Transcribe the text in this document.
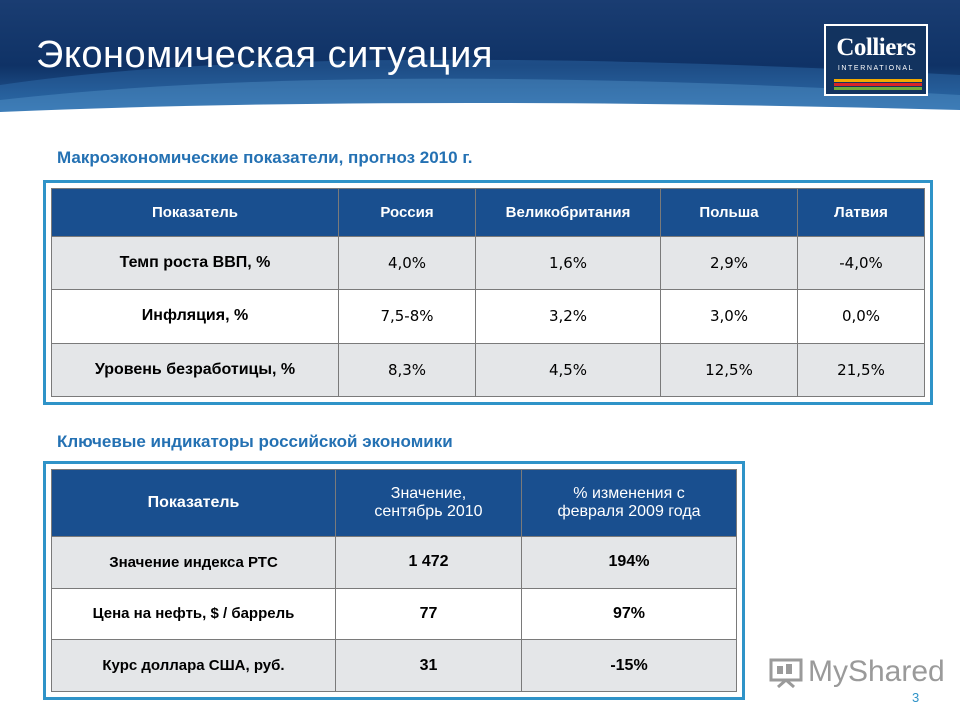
Экономическая ситуация	Colliers
INTERNATIONAL
Макроэкономические показатели, прогноз 2010 г.
Показатель	Россия	Великобритания	Польша	Латвия
Темп роста ВВП, %	4,0%	1,6%	2,9%	-4,0%
Инфляция, %	7,5-8%	3,2%	3,0%	0,0%
Уровень безработицы, %	8,3%	4,5%	12,5%	21,5%
Ключевые индикаторы российской экономики
Показатель	Значение, сентябрь 2010	% изменения с февраля 2009 года
Значение индекса РТС	1 472	194%
Цена на нефть, $ / баррель	77	97%
Курс доллара США, руб.	31	-15%	MyShared
3
